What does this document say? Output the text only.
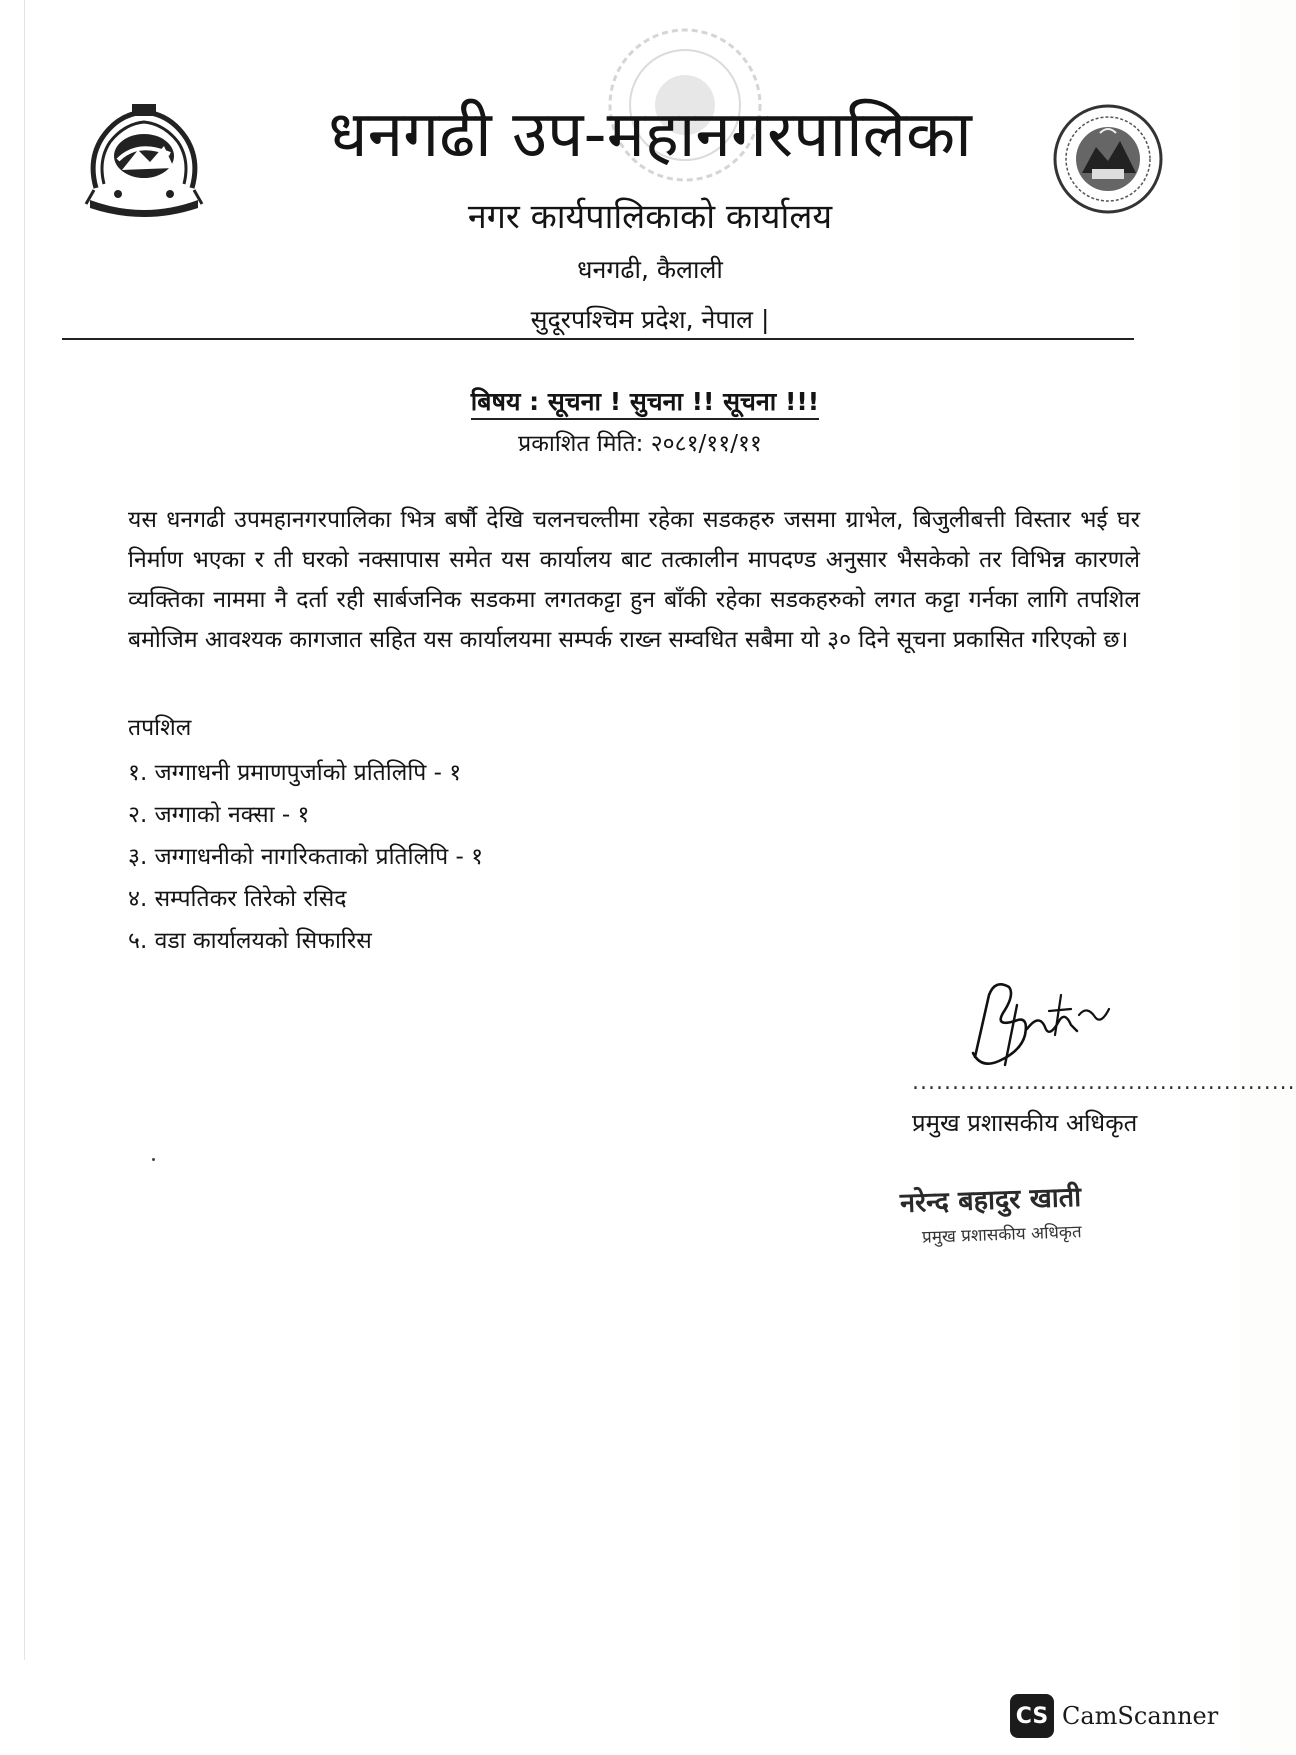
धनगढी उप-महानगरपालिका

नगर कार्यपालिकाको कार्यालय

धनगढी, कैलाली

सुदूरपश्चिम प्रदेश, नेपाल |

बिषय : सूचना ! सुचना !! सूचना !!!

प्रकाशित मिति: २०८१/११/११

यस धनगढी उपमहानगरपालिका भित्र बर्षौ देखि चलनचल्तीमा रहेका सडकहरु जसमा ग्राभेल, बिजुलीबत्ती विस्तार भई घर निर्माण भएका र ती घरको नक्सापास समेत यस कार्यालय बाट तत्कालीन मापदण्ड अनुसार भैसकेको तर विभिन्न कारणले व्यक्तिका नाममा नै दर्ता रही सार्बजनिक सडकमा लगतकट्टा हुन बाँकी रहेका सडकहरुको लगत कट्टा गर्नका लागि तपशिल बमोजिम आवश्यक कागजात सहित यस कार्यालयमा सम्पर्क राख्न सम्वधित सबैमा यो ३० दिने सूचना प्रकासित गरिएको छ।

तपशिल

१. जग्गाधनी प्रमाणपुर्जाको प्रतिलिपि - १
२. जग्गाको नक्सा - १
३. जग्गाधनीको नागरिकताको प्रतिलिपि - १
४. सम्पतिकर तिरेको रसिद
५. वडा कार्यालयको सिफारिस

................................................

प्रमुख प्रशासकीय अधिकृत

नरेन्द बहादुर खाती

प्रमुख प्रशासकीय अधिकृत

CS CamScanner
